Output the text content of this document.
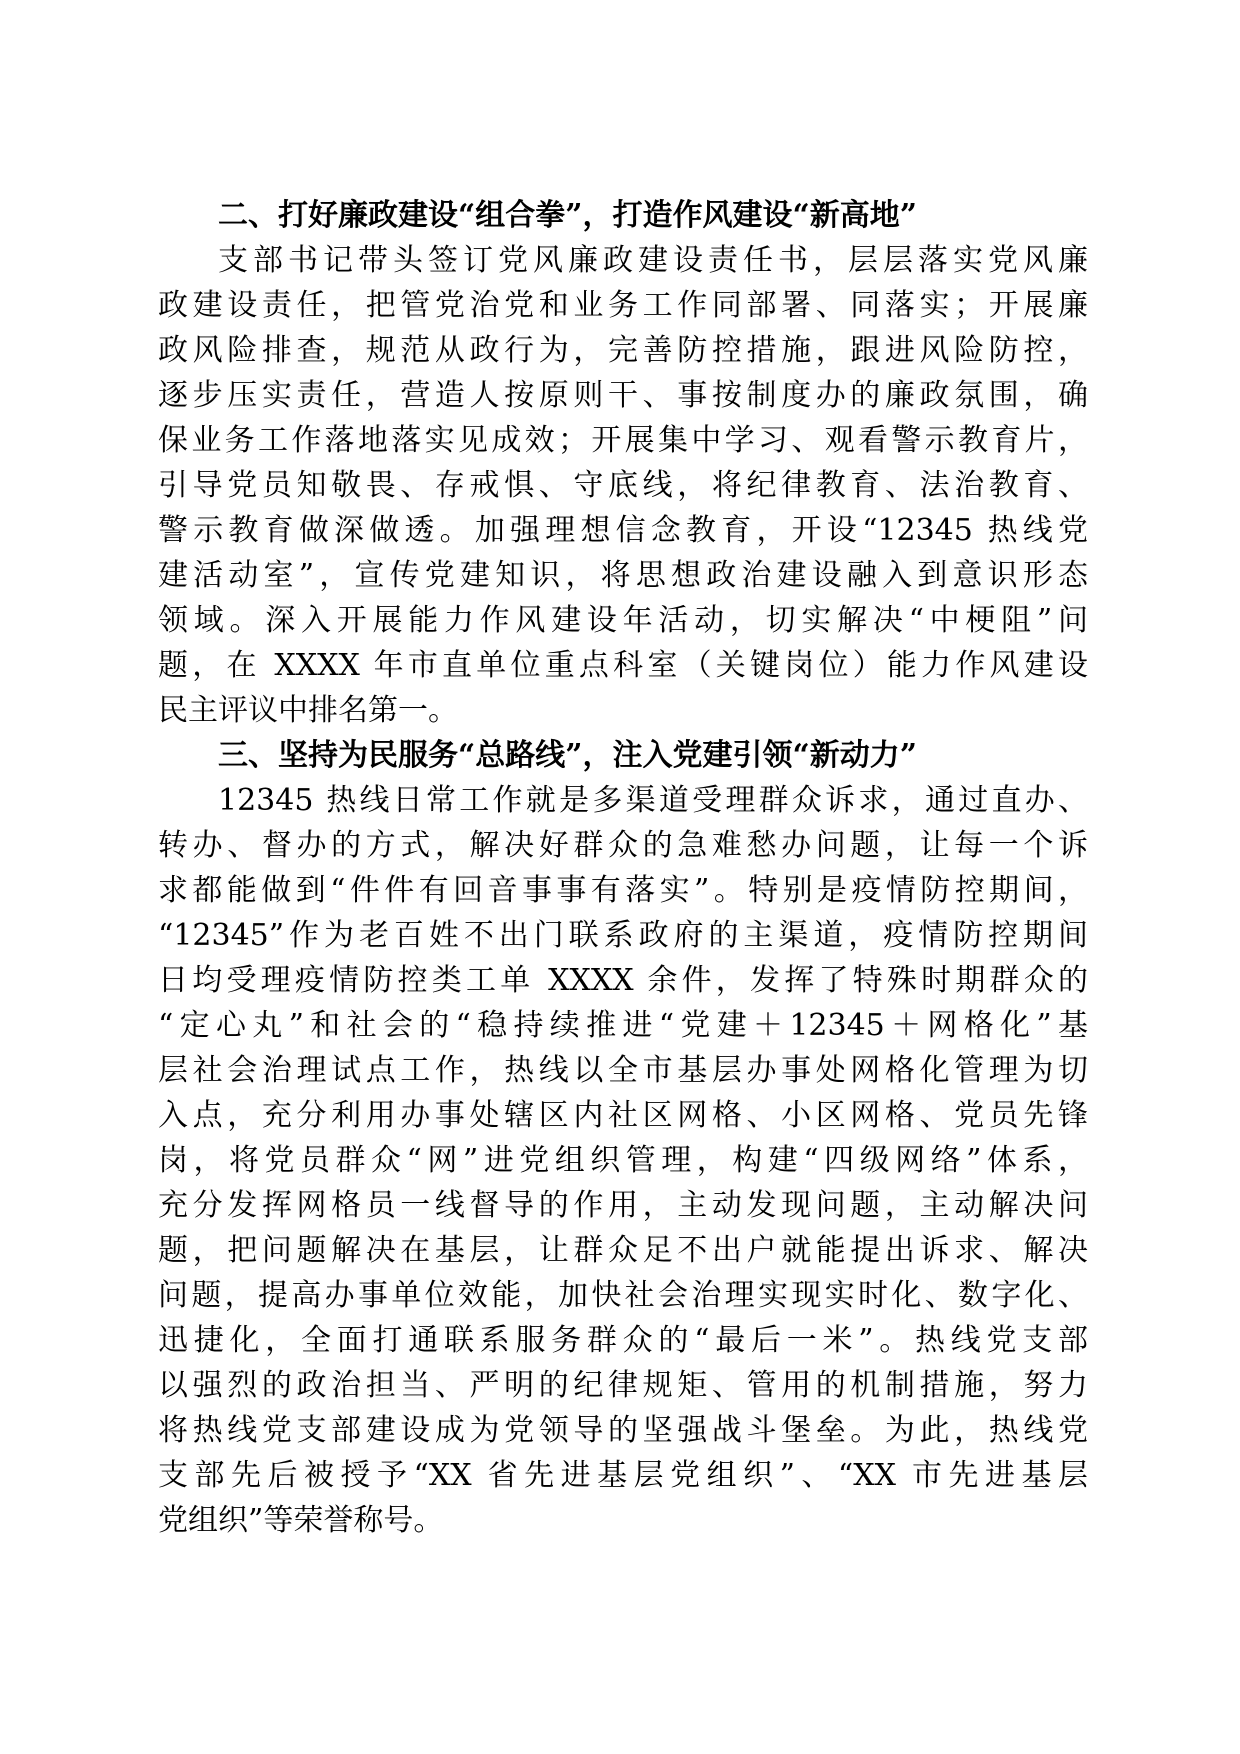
二、打好廉政建设“组合拳”，打造作风建设“新高地”
支部书记带头签订党风廉政建设责任书，层层落实党风廉
政建设责任，把管党治党和业务工作同部署、同落实；开展廉
政风险排查，规范从政行为，完善防控措施，跟进风险防控，
逐步压实责任，营造人按原则干、事按制度办的廉政氛围，确
保业务工作落地落实见成效；开展集中学习、观看警示教育片，
引导党员知敬畏、存戒惧、守底线，将纪律教育、法治教育、
警示教育做深做透。加强理想信念教育，开设“12345 热线党
建活动室”，宣传党建知识，将思想政治建设融入到意识形态
领域。深入开展能力作风建设年活动，切实解决“中梗阻”问
题，在 XXXX 年市直单位重点科室（关键岗位）能力作风建设
民主评议中排名第一。
三、坚持为民服务“总路线”，注入党建引领“新动力”
12345 热线日常工作就是多渠道受理群众诉求，通过直办、
转办、督办的方式，解决好群众的急难愁办问题，让每一个诉
求都能做到“件件有回音事事有落实”。特别是疫情防控期间，
“12345”作为老百姓不出门联系政府的主渠道，疫情防控期间
日均受理疫情防控类工单 XXXX 余件，发挥了特殊时期群众的
“定心丸”和社会的“稳持续推进“党建＋12345＋网格化”基
层社会治理试点工作，热线以全市基层办事处网格化管理为切
入点，充分利用办事处辖区内社区网格、小区网格、党员先锋
岗，将党员群众“网”进党组织管理，构建“四级网络”体系，
充分发挥网格员一线督导的作用，主动发现问题，主动解决问
题，把问题解决在基层，让群众足不出户就能提出诉求、解决
问题，提高办事单位效能，加快社会治理实现实时化、数字化、
迅捷化，全面打通联系服务群众的“最后一米”。热线党支部
以强烈的政治担当、严明的纪律规矩、管用的机制措施，努力
将热线党支部建设成为党领导的坚强战斗堡垒。为此，热线党
支部先后被授予“XX 省先进基层党组织”、“XX 市先进基层
党组织”等荣誉称号。
